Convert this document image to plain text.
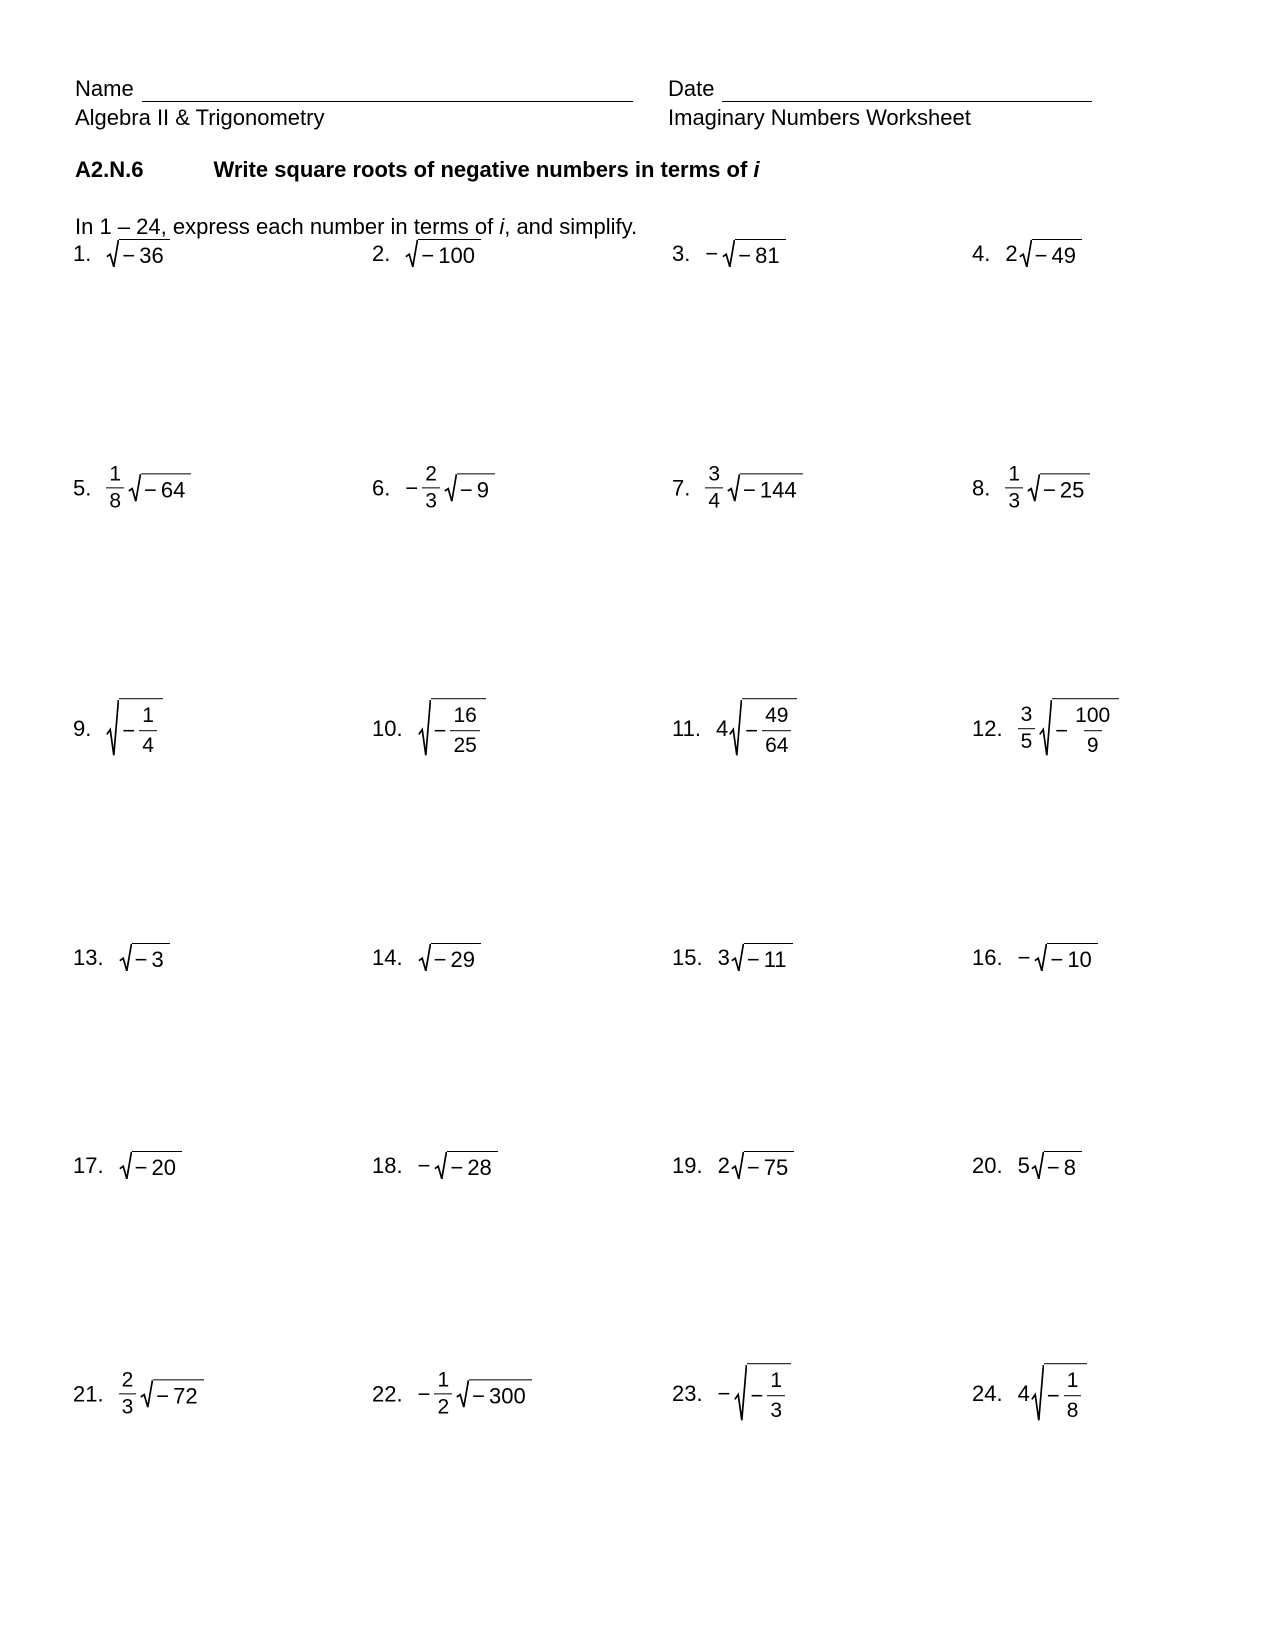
Name
Algebra II & Trigonometry
Date
Imaginary Numbers Worksheet
A2.N.6	Write square roots of negative numbers in terms of i
In 1 – 24, express each number in terms of i, and simplify.
1. − 36	2. − 100	3. − − 81	4. 2 − 49
5. $\frac{1}{8} - 64$	6. − $\frac{2}{3} - 9$	7. $\frac{3}{4} - 144$	8. $\frac{1}{3} - 25$
9. − $\frac{1}{4}$	10. − $\frac{16}{25}$	11. $4 - \frac{49}{64}$	12. $\frac{3}{5} - \frac{100}{9}$
13. − 3	14. − 29	15. 3 − 11	16. − − 10
17. − 20	18. − − 28	19. 2 − 75	20. 5 − 8
21. $\frac{2}{3} - 72$	22. − $\frac{1}{2} - 300$	23. − − $\frac{1}{3}$	24. $4 - \frac{1}{8}$
